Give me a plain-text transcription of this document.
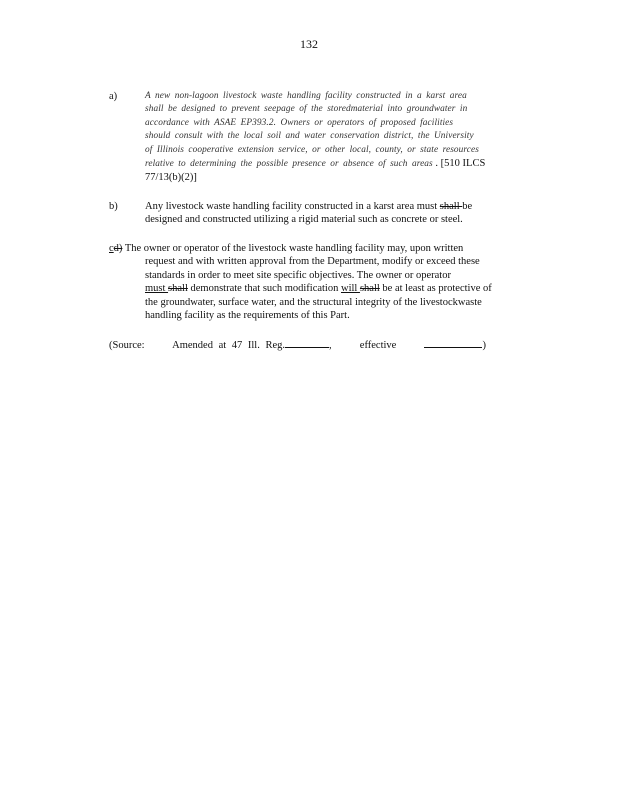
132
a)	A new non-lagoon livestock waste handling facility constructed in a karst area
shall be designed to prevent seepage of the storedmaterial into groundwater in
accordance with ASAE EP393.2. Owners or operators of proposed facilities
should consult with the local soil and water conservation district, the University
of Illinois cooperative extension service, or other local, county, or state resources
relative to determining the possible presence or absence of such areas . [510 ILCS
77/13(b)(2)]
b)	Any livestock waste handling facility constructed in a karst area must shall be
designed and constructed utilizing a rigid material such as concrete or steel.
cd) The owner or operator of the livestock waste handling facility may, upon written
request and with written approval from the Department, modify or exceed these
standards in order to meet site specific objectives. The owner or operator
must shall demonstrate that such modification will shall be at least as protective of
the groundwater, surface water, and the structural integrity of the livestockwaste
handling facility as the requirements of this Part.
(Source:	Amended at 47 Ill. Reg.	,	effective	)
